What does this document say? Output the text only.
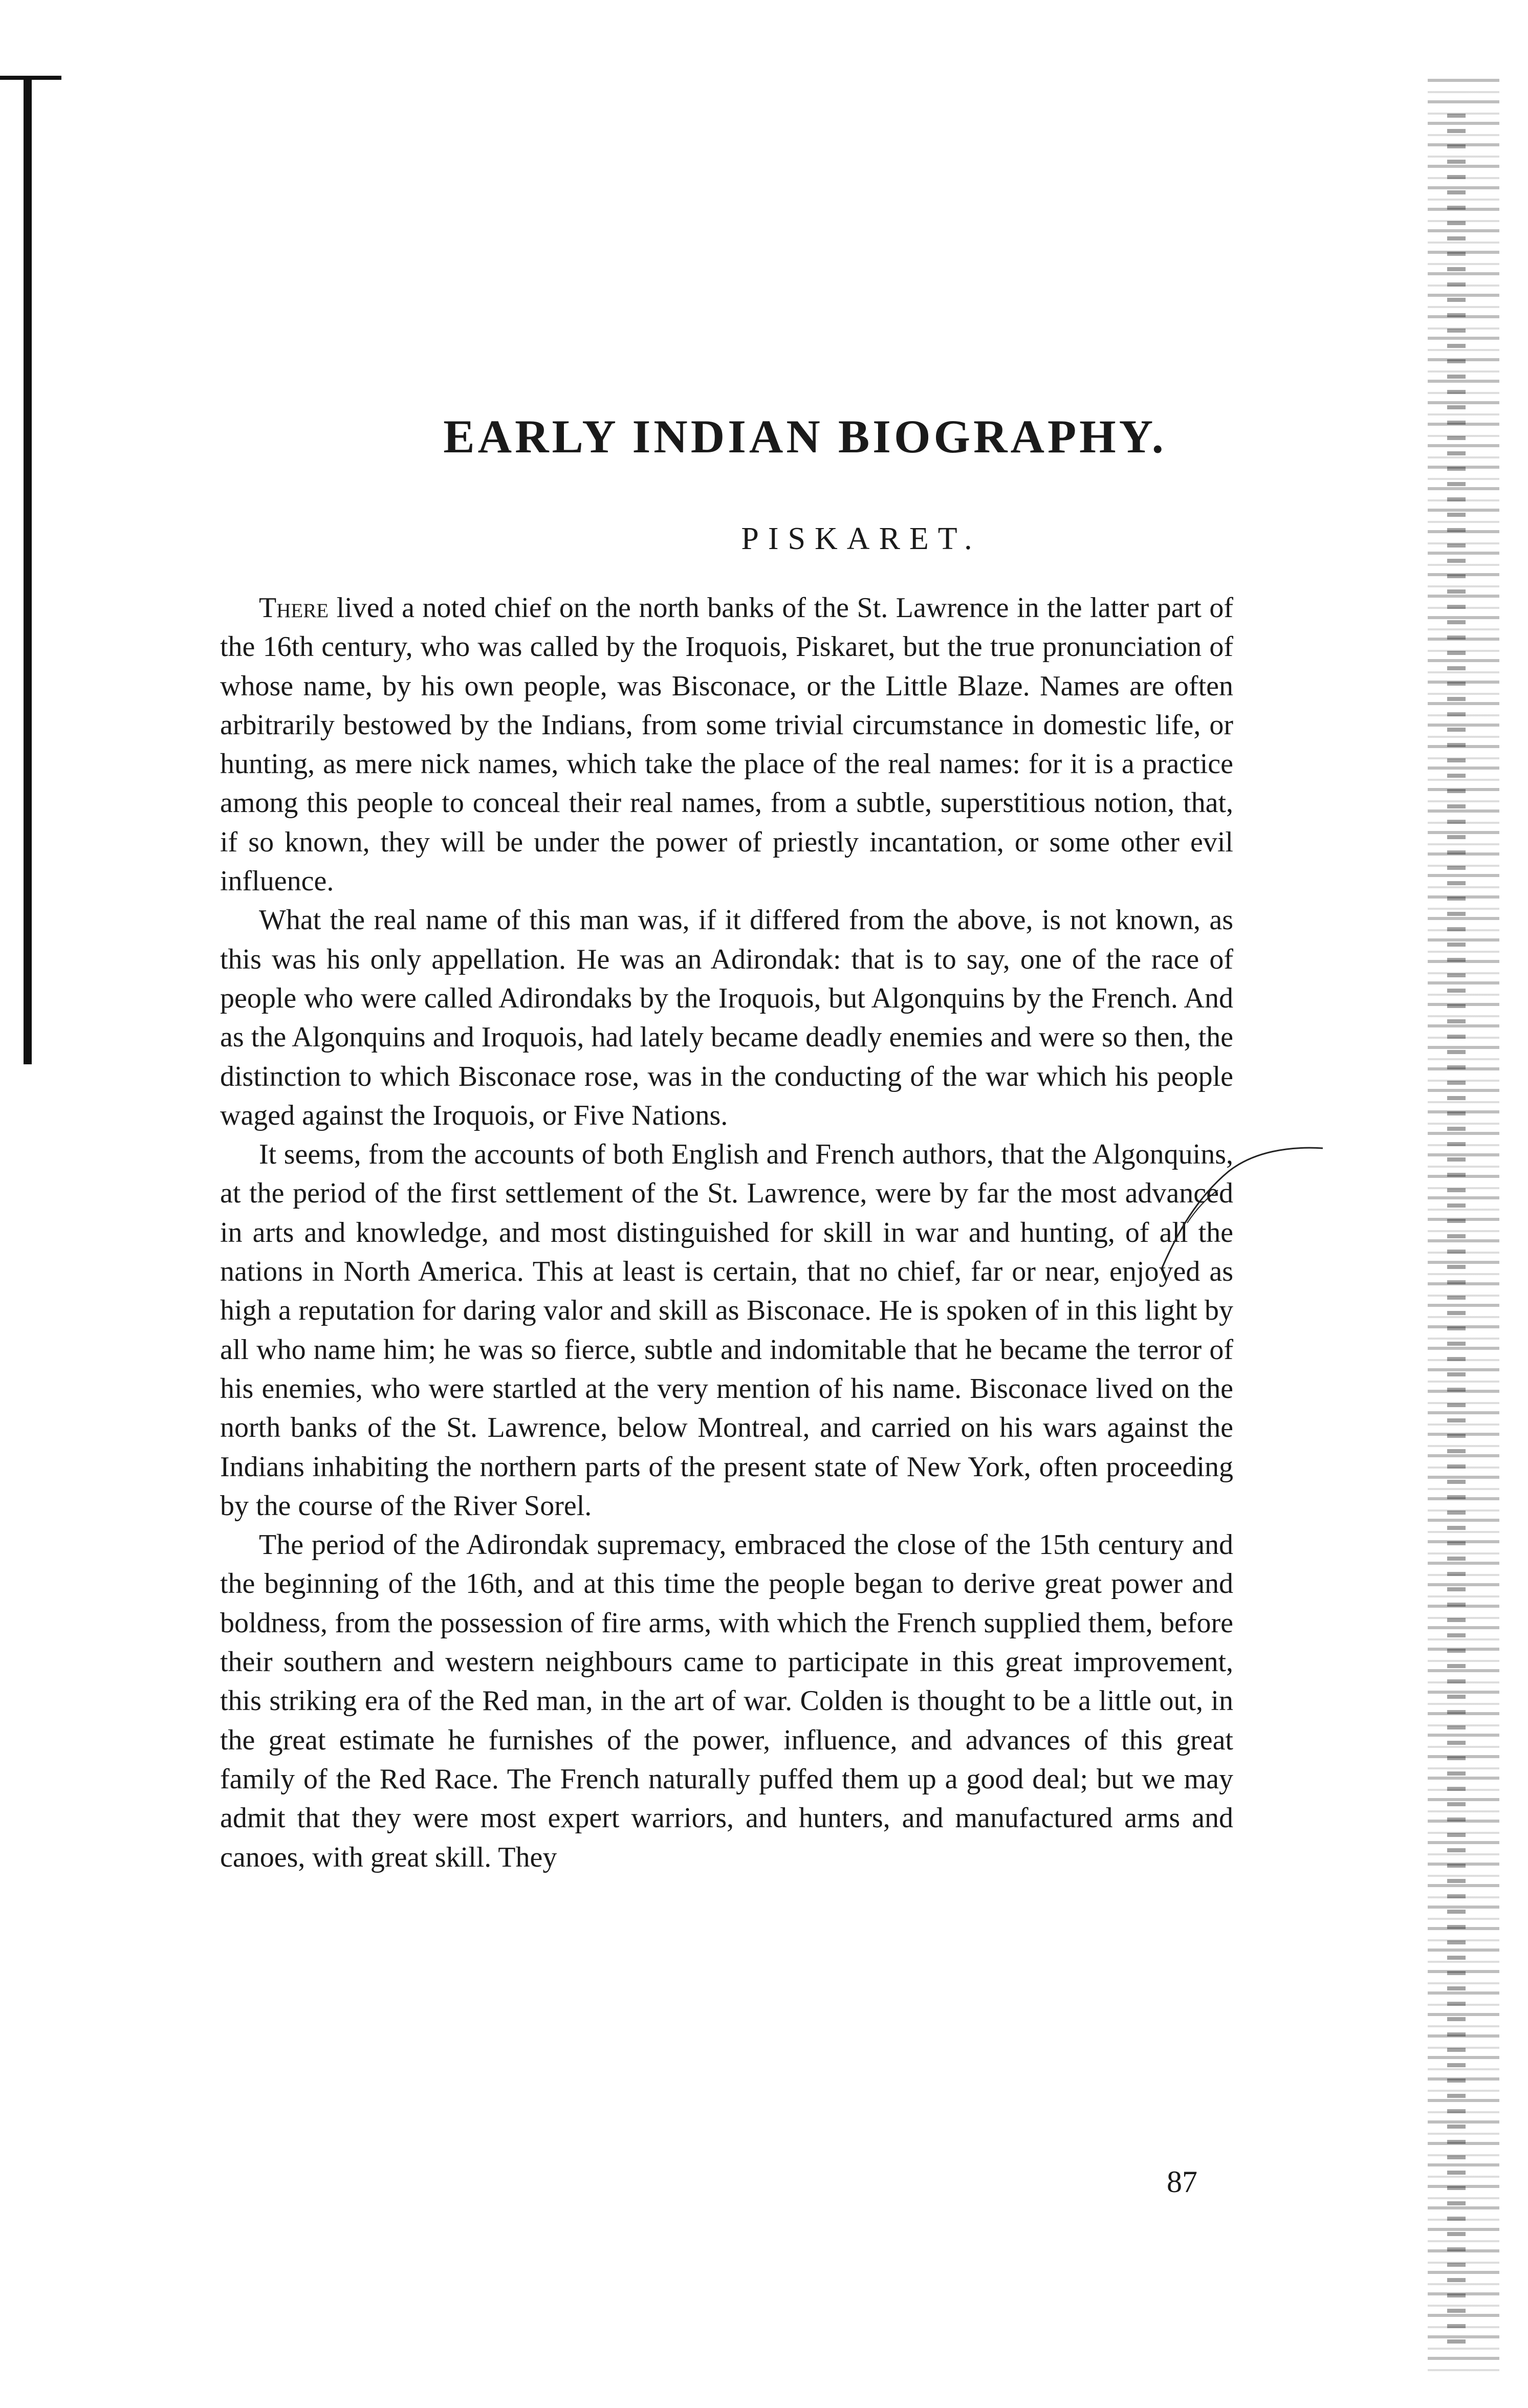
EARLY INDIAN BIOGRAPHY.
PISKARET.

There lived a noted chief on the north banks of the St. Lawrence in the latter part of the 16th century, who was called by the Iroquois, Piskaret, but the true pronunciation of whose name, by his own people, was Bisconace, or the Little Blaze. Names are often arbitrarily bestowed by the Indians, from some trivial circumstance in domestic life, or hunting, as mere nick names, which take the place of the real names: for it is a practice among this people to conceal their real names, from a subtle, superstitious notion, that, if so known, they will be under the power of priestly incantation, or some other evil influence.

What the real name of this man was, if it differed from the above, is not known, as this was his only appellation. He was an Adirondak: that is to say, one of the race of people who were called Adirondaks by the Iroquois, but Algonquins by the French. And as the Algonquins and Iroquois, had lately became deadly enemies and were so then, the distinction to which Bisconace rose, was in the conducting of the war which his people waged against the Iroquois, or Five Nations.

It seems, from the accounts of both English and French authors, that the Algonquins, at the period of the first settlement of the St. Lawrence, were by far the most advanced in arts and knowledge, and most distinguished for skill in war and hunting, of all the nations in North America. This at least is certain, that no chief, far or near, enjoyed as high a reputation for daring valor and skill as Bisconace. He is spoken of in this light by all who name him; he was so fierce, subtle and indomitable that he became the terror of his enemies, who were startled at the very mention of his name. Bisconace lived on the north banks of the St. Lawrence, below Montreal, and carried on his wars against the Indians inhabiting the northern parts of the present state of New York, often proceeding by the course of the River Sorel.

The period of the Adirondak supremacy, embraced the close of the 15th century and the beginning of the 16th, and at this time the people began to derive great power and boldness, from the possession of fire arms, with which the French supplied them, before their southern and western neighbours came to participate in this great improvement, this striking era of the Red man, in the art of war. Colden is thought to be a little out, in the great estimate he furnishes of the power, influence, and advances of this great family of the Red Race. The French naturally puffed them up a good deal; but we may admit that they were most expert warriors, and hunters, and manufactured arms and canoes, with great skill. They

87
